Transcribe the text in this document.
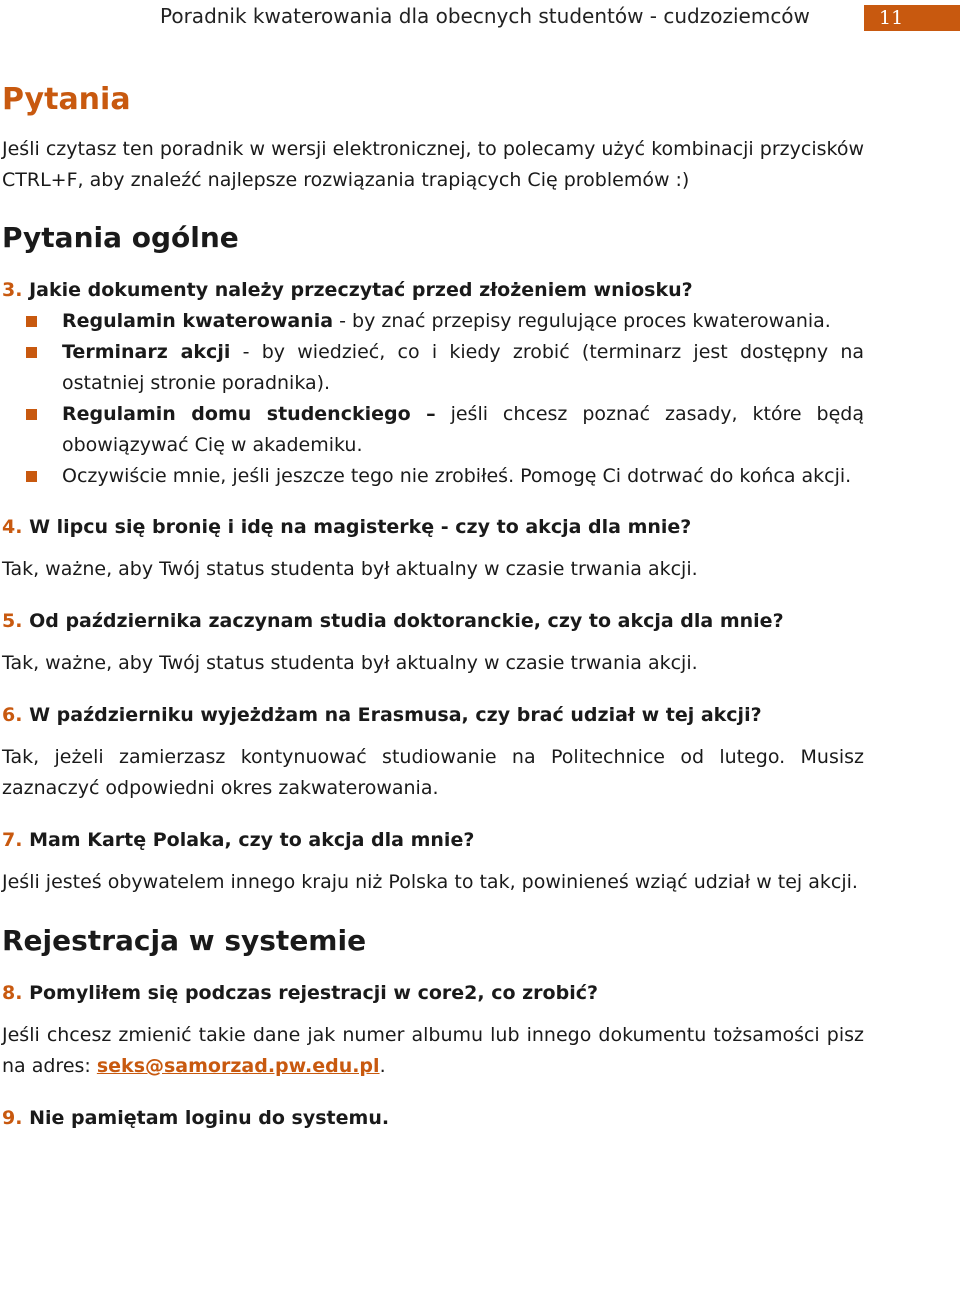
Poradnik kwaterowania dla obecnych studentów - cudzoziemców	11
Pytania

Jeśli czytasz ten poradnik w wersji elektronicznej, to polecamy użyć kombinacji przycisków CTRL+F, aby znaleźć najlepsze rozwiązania trapiących Cię problemów :)

Pytania ogólne

3. Jakie dokumenty należy przeczytać przed złożeniem wniosku?

Regulamin kwaterowania - by znać przepisy regulujące proces kwaterowania.
Terminarz akcji - by wiedzieć, co i kiedy zrobić (terminarz jest dostępny na ostatniej stronie poradnika).
Regulamin domu studenckiego – jeśli chcesz poznać zasady, które będą obowiązywać Cię w akademiku.
Oczywiście mnie, jeśli jeszcze tego nie zrobiłeś. Pomogę Ci dotrwać do końca akcji.

4. W lipcu się bronię i idę na magisterkę - czy to akcja dla mnie?

Tak, ważne, aby Twój status studenta był aktualny w czasie trwania akcji.

5. Od października zaczynam studia doktoranckie, czy to akcja dla mnie?

Tak, ważne, aby Twój status studenta był aktualny w czasie trwania akcji.

6. W październiku wyjeżdżam na Erasmusa, czy brać udział w tej akcji?

Tak, jeżeli zamierzasz kontynuować studiowanie na Politechnice od lutego. Musisz zaznaczyć odpowiedni okres zakwaterowania.

7. Mam Kartę Polaka, czy to akcja dla mnie?

Jeśli jesteś obywatelem innego kraju niż Polska to tak, powinieneś wziąć udział w tej akcji.

Rejestracja w systemie

8. Pomyliłem się podczas rejestracji w core2, co zrobić?

Jeśli chcesz zmienić takie dane jak numer albumu lub innego dokumentu tożsamości pisz na adres: seks@samorzad.pw.edu.pl.

9. Nie pamiętam loginu do systemu.
